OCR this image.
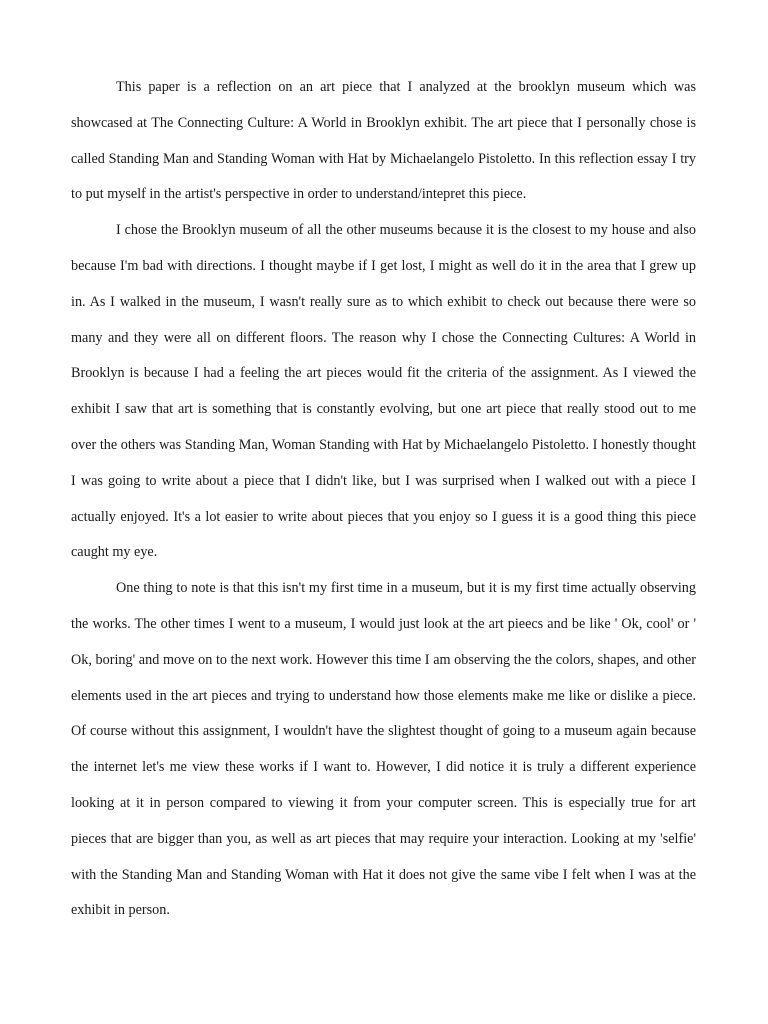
This paper is a reflection on an art piece that I analyzed at the brooklyn museum which was showcased at The Connecting Culture: A World in Brooklyn exhibit. The art piece that I personally chose is called Standing Man and Standing Woman with Hat by Michaelangelo Pistoletto. In this reflection essay I try to put myself in the artist's perspective in order to understand/intepret this piece.

I chose the Brooklyn museum of all the other museums because it is the closest to my house and also because I'm bad with directions. I thought maybe if I get lost, I might as well do it in the area that I grew up in. As I walked in the museum, I wasn't really sure as to which exhibit to check out because there were so many and they were all on different floors. The reason why I chose the Connecting Cultures: A World in Brooklyn is because I had a feeling the art pieces would fit the criteria of the assignment. As I viewed the exhibit I saw that art is something that is constantly evolving, but one art piece that really stood out to me over the others was Standing Man, Woman Standing with Hat by Michaelangelo Pistoletto. I honestly thought I was going to write about a piece that I didn't like, but I was surprised when I walked out with a piece I actually enjoyed. It's a lot easier to write about pieces that you enjoy so I guess it is a good thing this piece caught my eye.

One thing to note is that this isn't my first time in a museum, but it is my first time actually observing the works. The other times I went to a museum, I would just look at the art pieecs and be like ' Ok, cool' or ' Ok, boring' and move on to the next work. However this time I am observing the the colors, shapes, and other elements used in the art pieces and trying to understand how those elements make me like or dislike a piece. Of course without this assignment, I wouldn't have the slightest thought of going to a museum again because the internet let's me view these works if I want to. However, I did notice it is truly a different experience looking at it in person compared to viewing it from your computer screen. This is especially true for art pieces that are bigger than you, as well as art pieces that may require your interaction. Looking at my 'selfie' with the Standing Man and Standing Woman with Hat it does not give the same vibe I felt when I was at the exhibit in person.
